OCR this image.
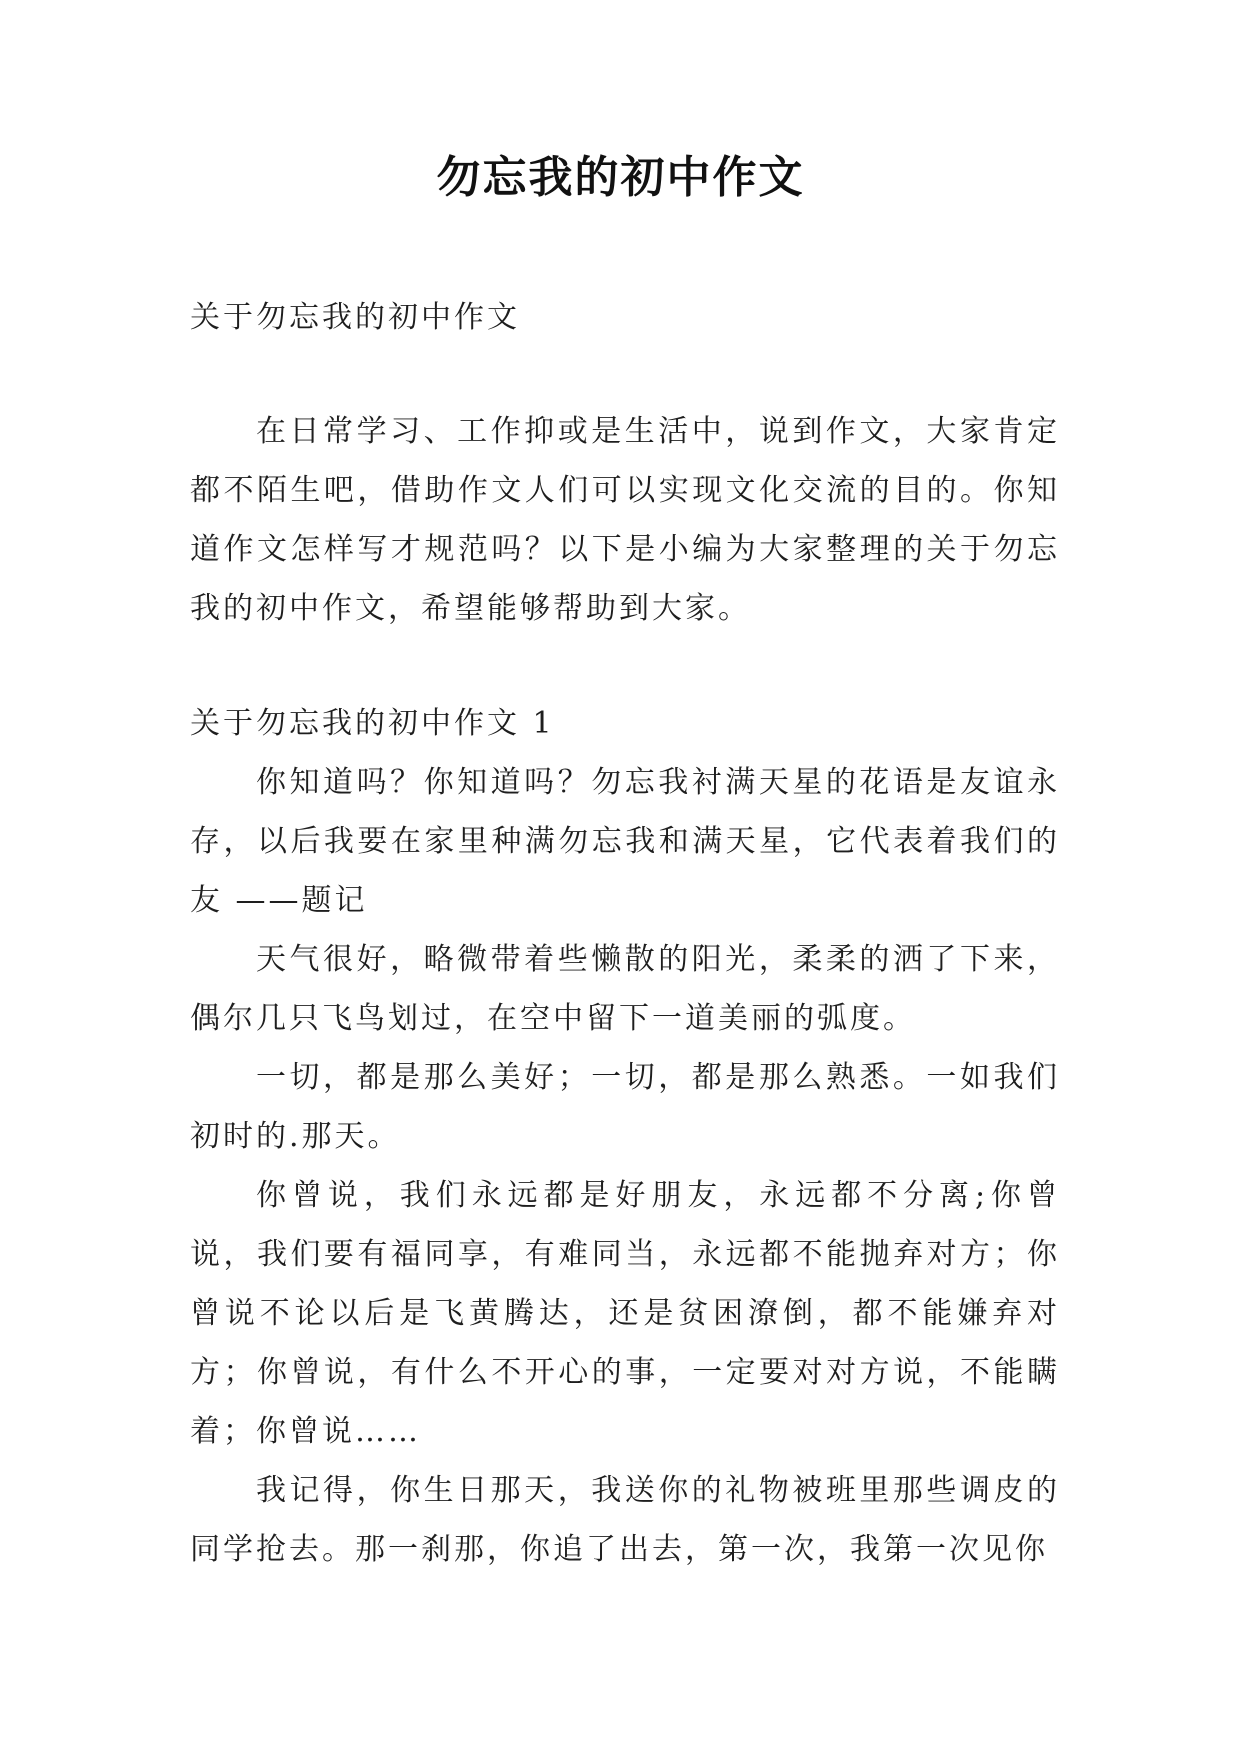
勿忘我的初中作文
关于勿忘我的初中作文

在日常学习、工作抑或是生活中，说到作文，大家肯定都不陌生吧，借助作文人们可以实现文化交流的目的。你知道作文怎样写才规范吗？以下是小编为大家整理的关于勿忘我的初中作文，希望能够帮助到大家。

关于勿忘我的初中作文 1

你知道吗？你知道吗？勿忘我衬满天星的花语是友谊永存，以后我要在家里种满勿忘我和满天星，它代表着我们的友 ——题记

天气很好，略微带着些懒散的阳光，柔柔的洒了下来，偶尔几只飞鸟划过，在空中留下一道美丽的弧度。

一切，都是那么美好；一切，都是那么熟悉。一如我们初时的.那天。

你曾说，我们永远都是好朋友，永远都不分离;你曾说，我们要有福同享，有难同当，永远都不能抛弃对方；你曾说不论以后是飞黄腾达，还是贫困潦倒，都不能嫌弃对方；你曾说，有什么不开心的事，一定要对对方说，不能瞒着；你曾说……

我记得，你生日那天，我送你的礼物被班里那些调皮的同学抢去。那一刹那，你追了出去，第一次，我第一次见你
